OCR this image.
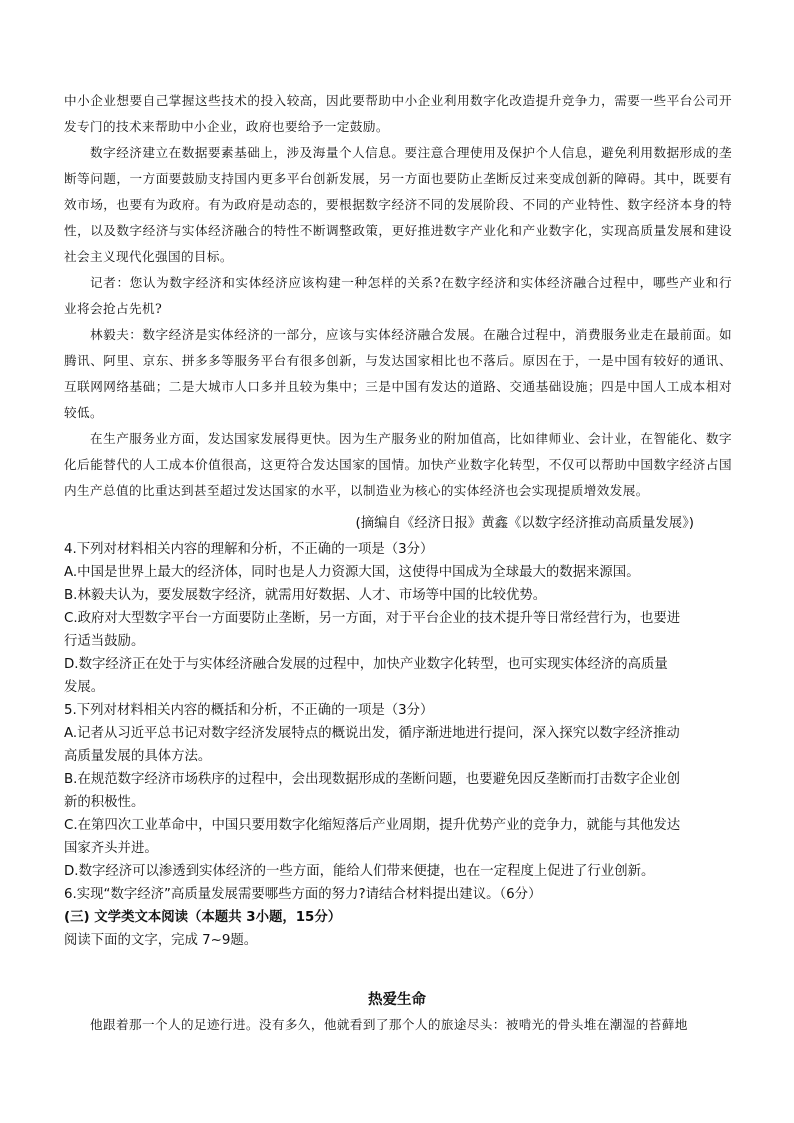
中小企业想要自己掌握这些技术的投入较高，因此要帮助中小企业利用数字化改造提升竞争力，需要一些平台公司开发专门的技术来帮助中小企业，政府也要给予一定鼓励。

数字经济建立在数据要素基础上，涉及海量个人信息。要注意合理使用及保护个人信息，避免利用数据形成的垄断等问题，一方面要鼓励支持国内更多平台创新发展，另一方面也要防止垄断反过来变成创新的障碍。其中，既要有效市场，也要有为政府。有为政府是动态的，要根据数字经济不同的发展阶段、不同的产业特性、数字经济本身的特性，以及数字经济与实体经济融合的特性不断调整政策，更好推进数字产业化和产业数字化，实现高质量发展和建设社会主义现代化强国的目标。

记者：您认为数字经济和实体经济应该构建一种怎样的关系?在数字经济和实体经济融合过程中，哪些产业和行业将会抢占先机?

林毅夫：数字经济是实体经济的一部分，应该与实体经济融合发展。在融合过程中，消费服务业走在最前面。如腾讯、阿里、京东、拼多多等服务平台有很多创新，与发达国家相比也不落后。原因在于，一是中国有较好的通讯、互联网网络基础；二是大城市人口多并且较为集中；三是中国有发达的道路、交通基础设施；四是中国人工成本相对较低。

在生产服务业方面，发达国家发展得更快。因为生产服务业的附加值高，比如律师业、会计业，在智能化、数字化后能替代的人工成本价值很高，这更符合发达国家的国情。加快产业数字化转型，不仅可以帮助中国数字经济占国内生产总值的比重达到甚至超过发达国家的水平，以制造业为核心的实体经济也会实现提质增效发展。

(摘编自《经济日报》黄鑫《以数字经济推动高质量发展》)

4.下列对材料相关内容的理解和分析，不正确的一项是（3分）

A.中国是世界上最大的经济体，同时也是人力资源大国，这使得中国成为全球最大的数据来源国。

B.林毅夫认为，要发展数字经济，就需用好数据、人才、市场等中国的比较优势。

C.政府对大型数字平台一方面要防止垄断，另一方面，对于平台企业的技术提升等日常经营行为，也要进

行适当鼓励。

D.数字经济正在处于与实体经济融合发展的过程中，加快产业数字化转型，也可实现实体经济的高质量

发展。

5.下列对材料相关内容的概括和分析，不正确的一项是（3分）

A.记者从习近平总书记对数字经济发展特点的概说出发，循序渐进地进行提问，深入探究以数字经济推动

高质量发展的具体方法。

B.在规范数字经济市场秩序的过程中，会出现数据形成的垄断问题，也要避免因反垄断而打击数字企业创

新的积极性。

C.在第四次工业革命中，中国只要用数字化缩短落后产业周期，提升优势产业的竞争力，就能与其他发达

国家齐头并进。

D.数字经济可以渗透到实体经济的一些方面，能给人们带来便捷，也在一定程度上促进了行业创新。

6.实现“数字经济”高质量发展需要哪些方面的努力?请结合材料提出建议。（6分）

(三) 文学类文本阅读（本题共 3小题，15分）

阅读下面的文字，完成 7~9题。

热爱生命

他跟着那一个人的足迹行进。没有多久，他就看到了那个人的旅途尽头：被啃光的骨头堆在潮湿的苔藓地
